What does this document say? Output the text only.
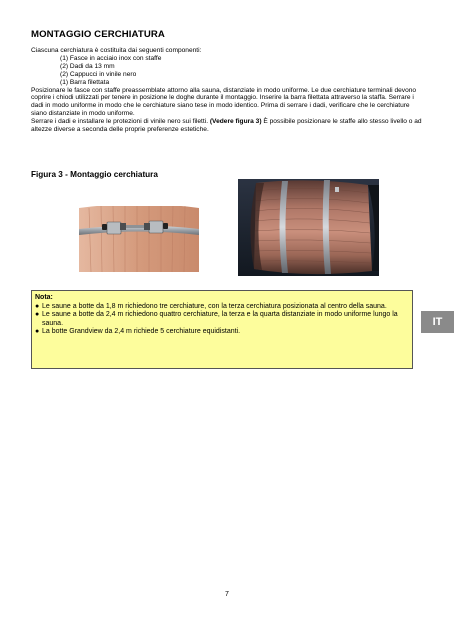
MONTAGGIO CERCHIATURA

Ciascuna cerchiatura è costituita dai seguenti componenti:

(1) Fasce in acciaio inox con staffe
(2) Dadi da 13 mm
(2) Cappucci in vinile nero
(1) Barra filettata

Posizionare le fasce con staffe preassemblate attorno alla sauna, distanziate in modo uniforme. Le due cerchiature terminali devono coprire i chiodi utilizzati per tenere in posizione le doghe durante il montaggio. Inserire la barra filettata attraverso la staffa. Serrare i dadi in modo uniforme in modo che le cerchiature siano tese in modo identico. Prima di serrare i dadi, verificare che le cerchiature siano distanziate in modo uniforme.

Serrare i dadi e installare le protezioni di vinile nero sui filetti. (Vedere figura 3) È possibile posizionare le staffe allo stesso livello o ad altezze diverse a seconda delle proprie preferenze estetiche.

Figura 3 - Montaggio cerchiatura

Nota:

● Le saune a botte da 1,8 m richiedono tre cerchiature, con la terza cerchiatura posizionata al centro della sauna.
● Le saune a botte da 2,4 m richiedono quattro cerchiature, la terza e la quarta distanziate in modo uniforme lungo la sauna.
● La botte Grandview da 2,4 m richiede 5 cerchiature equidistanti.
IT
7
